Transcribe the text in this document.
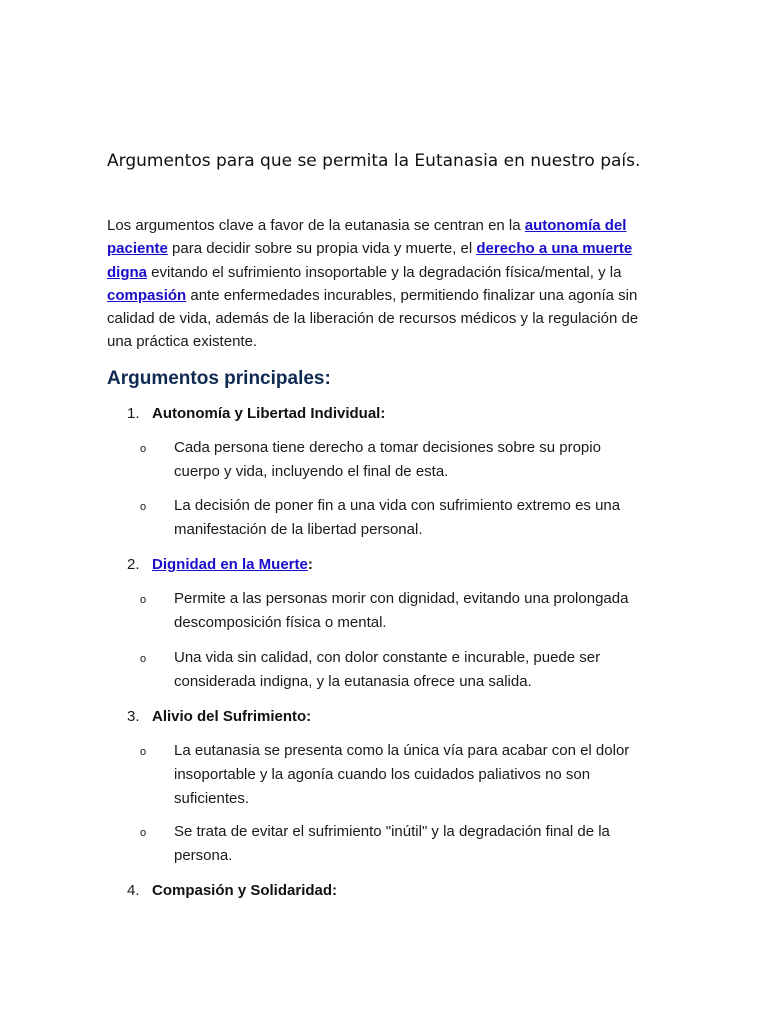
Argumentos para que se permita la Eutanasia en nuestro país.

Los argumentos clave a favor de la eutanasia se centran en la autonomía del paciente para decidir sobre su propia vida y muerte, el derecho a una muerte digna evitando el sufrimiento insoportable y la degradación física/mental, y la compasión ante enfermedades incurables, permitiendo finalizar una agonía sin calidad de vida, además de la liberación de recursos médicos y la regulación de una práctica existente.

Argumentos principales:
1. Autonomía y Libertad Individual:
o Cada persona tiene derecho a tomar decisiones sobre su propio cuerpo y vida, incluyendo el final de esta.
o La decisión de poner fin a una vida con sufrimiento extremo es una manifestación de la libertad personal.
2. Dignidad en la Muerte:
o Permite a las personas morir con dignidad, evitando una prolongada descomposición física o mental.
o Una vida sin calidad, con dolor constante e incurable, puede ser considerada indigna, y la eutanasia ofrece una salida.
3. Alivio del Sufrimiento:
o La eutanasia se presenta como la única vía para acabar con el dolor insoportable y la agonía cuando los cuidados paliativos no son suficientes.
o Se trata de evitar el sufrimiento "inútil" y la degradación final de la persona.
4. Compasión y Solidaridad:
